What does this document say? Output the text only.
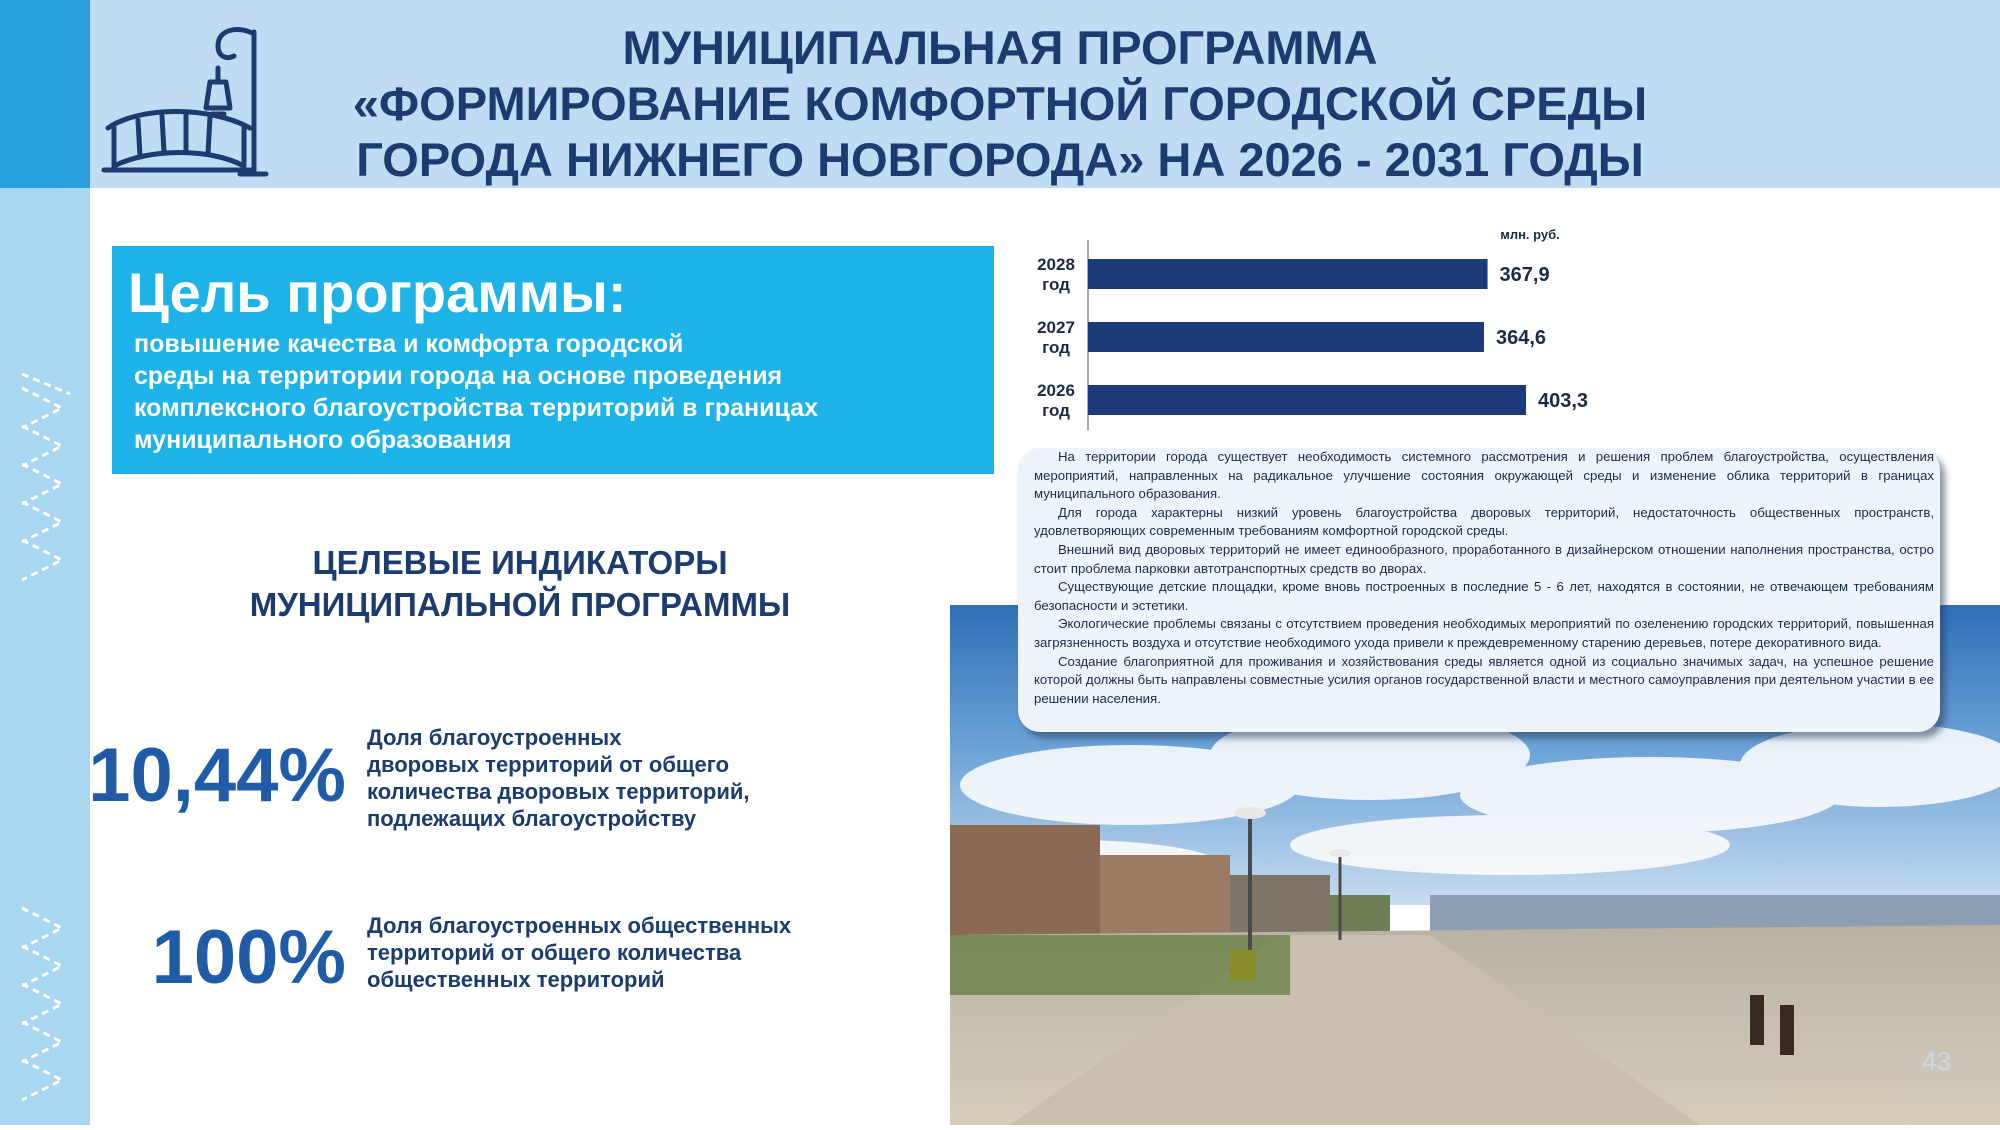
МУНИЦИПАЛЬНАЯ ПРОГРАММА
«ФОРМИРОВАНИЕ КОМФОРТНОЙ ГОРОДСКОЙ СРЕДЫ
ГОРОДА НИЖНЕГО НОВГОРОДА» НА 2026 - 2031 ГОДЫ
Цель программы:
повышение качества и комфорта городской
среды на территории города на основе проведения
комплексного благоустройства территорий в границах
муниципального образования
ЦЕЛЕВЫЕ ИНДИКАТОРЫ
МУНИЦИПАЛЬНОЙ ПРОГРАММЫ
10,44% Доля благоустроенных
дворовых территорий от общего
количества дворовых территорий,
подлежащих благоустройству
100% Доля благоустроенных общественных
территорий от общего количества
общественных территорий
млн. руб.
367,9
2028
год
364,6
2027
год
403,3
2026
год

На территории города существует необходимость системного рассмотрения и решения проблем благоустройства, осуществления мероприятий, направленных на радикальное улучшение состояния окружающей среды и изменение облика территорий в границах муниципального образования.

Для города характерны низкий уровень благоустройства дворовых территорий, недостаточность общественных пространств, удовлетворяющих современным требованиям комфортной городской среды.

Внешний вид дворовых территорий не имеет единообразного, проработанного в дизайнерском отношении наполнения пространства, остро стоит проблема парковки автотранспортных средств во дворах.

Существующие детские площадки, кроме вновь построенных в последние 5 - 6 лет, находятся в состоянии, не отвечающем требованиям безопасности и эстетики.

Экологические проблемы связаны с отсутствием проведения необходимых мероприятий по озеленению городских территорий, повышенная загрязненность воздуха и отсутствие необходимого ухода привели к преждевременному старению деревьев, потере декоративного вида.

Создание благоприятной для проживания и хозяйствования среды является одной из социально значимых задач, на успешное решение которой должны быть направлены совместные усилия органов государственной власти и местного самоуправления при деятельном участии в ее решении населения.

43
